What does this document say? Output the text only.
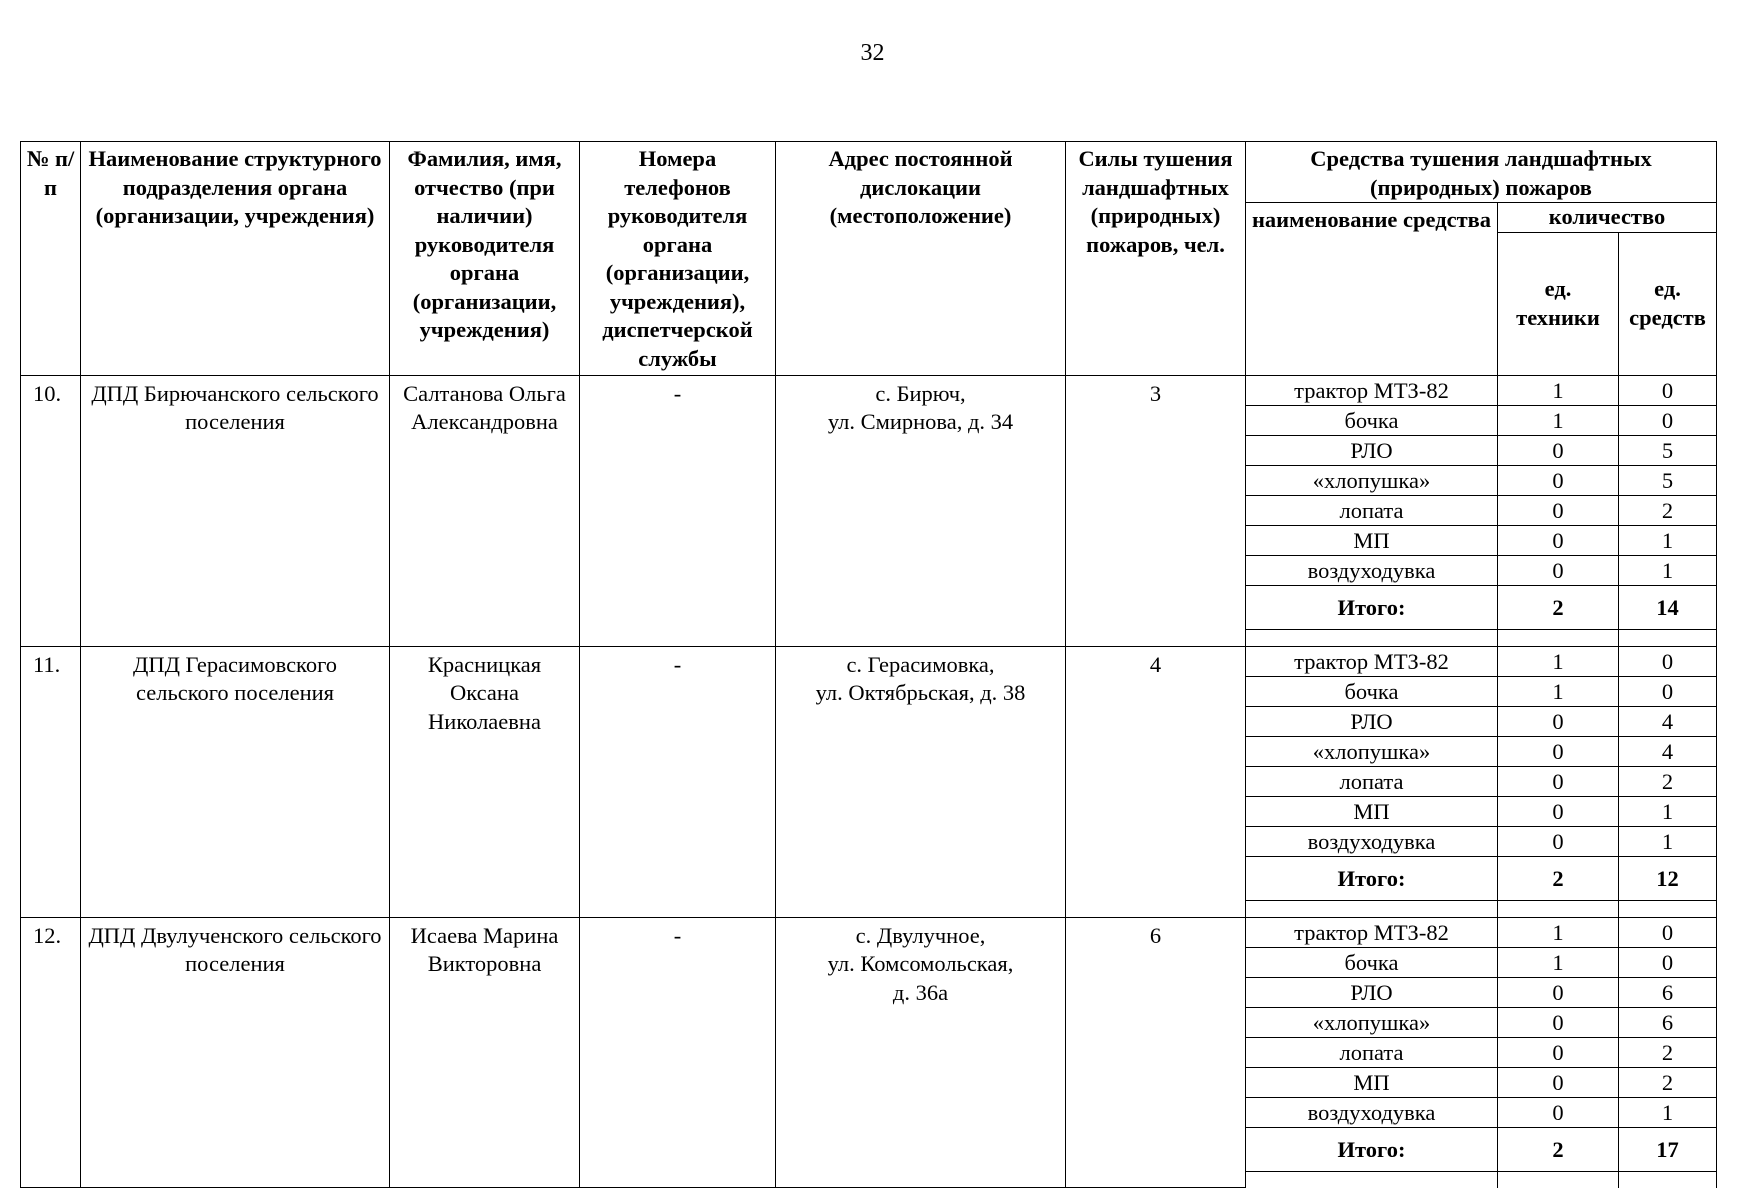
32
№ п/п	Наименование структурного подразделения органа (организации, учреждения)	Фамилия, имя, отчество (при наличии) руководителя органа (организации, учреждения)	Номера телефонов руководителя органа (организации, учреждения), диспетчерской службы	Адрес постоянной дислокации (местоположение)	Силы тушения ландшафтных (природных) пожаров, чел.	Средства тушения ландшафтных (природных) пожаров		
						наименование средства	количество	
							ед. техники	ед. средств
10.	ДПД Бирючанского сельского поселения	Салтанова Ольга Александровна	-	с. Бирюч,
ул. Смирнова, д. 34	3	трактор МТЗ-82	1	0
						бочка	1	0
						РЛО	0	5
						«хлопушка»	0	5
						лопата	0	2
						МП	0	1
						воздуходувка	0	1
						Итого:	2	14

11.	ДПД Герасимовского сельского поселения	Красницкая Оксана Николаевна	-	с. Герасимовка,
ул. Октябрьская, д. 38	4	трактор МТЗ-82	1	0
						бочка	1	0
						РЛО	0	4
						«хлопушка»	0	4
						лопата	0	2
						МП	0	1
						воздуходувка	0	1
						Итого:	2	12

12.	ДПД Двулученского сельского поселения	Исаева Марина Викторовна	-	с. Двулучное,
ул. Комсомольская,
д. 36а	6	трактор МТЗ-82	1	0
						бочка	1	0
						РЛО	0	6
						«хлопушка»	0	6
						лопата	0	2
						МП	0	2
						воздуходувка	0	1
						Итого:	2	17
